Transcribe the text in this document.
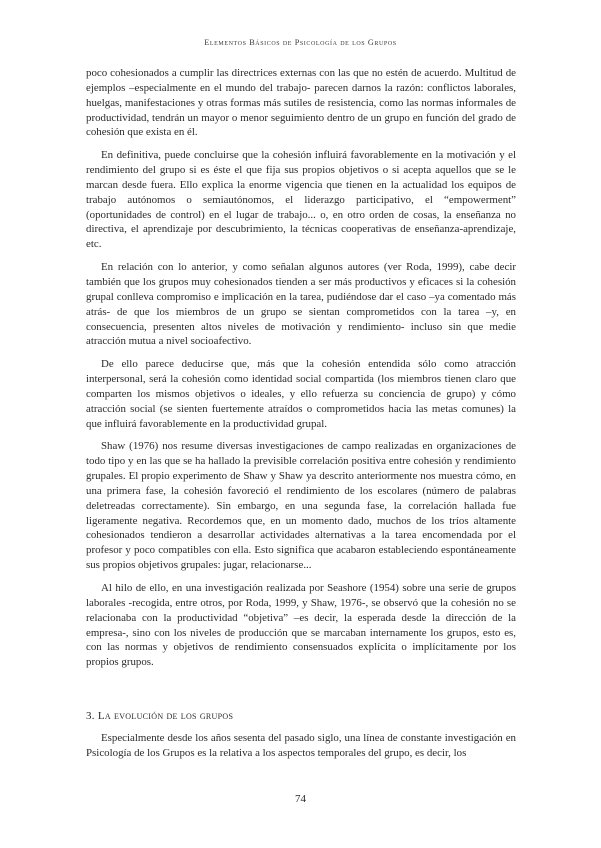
Elementos Básicos de Psicología de los Grupos

poco cohesionados a cumplir las directrices externas con las que no estén de acuerdo. Multitud de ejemplos –especialmente en el mundo del trabajo- parecen darnos la razón: conflictos laborales, huelgas, manifestaciones y otras formas más sutiles de resistencia, como las normas informales de productividad, tendrán un mayor o menor seguimiento dentro de un grupo en función del grado de cohesión que exista en él.

En definitiva, puede concluirse que la cohesión influirá favorablemente en la motivación y el rendimiento del grupo si es éste el que fija sus propios objetivos o si acepta aquellos que se le marcan desde fuera. Ello explica la enorme vigencia que tienen en la actualidad los equipos de trabajo autónomos o semiautónomos, el liderazgo participativo, el “empowerment” (oportunidades de control) en el lugar de trabajo... o, en otro orden de cosas, la enseñanza no directiva, el aprendizaje por descubrimiento, la técnicas cooperativas de enseñanza-aprendizaje, etc.

En relación con lo anterior, y como señalan algunos autores (ver Roda, 1999), cabe decir también que los grupos muy cohesionados tienden a ser más productivos y eficaces si la cohesión grupal conlleva compromiso e implicación en la tarea, pudiéndose dar el caso –ya comentado más atrás- de que los miembros de un grupo se sientan comprometidos con la tarea –y, en consecuencia, presenten altos niveles de motivación y rendimiento- incluso sin que medie atracción mutua a nivel socioafectivo.

De ello parece deducirse que, más que la cohesión entendida sólo como atracción interpersonal, será la cohesión como identidad social compartida (los miembros tienen claro que comparten los mismos objetivos o ideales, y ello refuerza su conciencia de grupo) y cómo atracción social (se sienten fuertemente atraídos o comprometidos hacia las metas comunes) la que influirá favorablemente en la productividad grupal.

Shaw (1976) nos resume diversas investigaciones de campo realizadas en organizaciones de todo tipo y en las que se ha hallado la previsible correlación positiva entre cohesión y rendimiento grupales. El propio experimento de Shaw y Shaw ya descrito anteriormente nos muestra cómo, en una primera fase, la cohesión favoreció el rendimiento de los escolares (número de palabras deletreadas correctamente). Sin embargo, en una segunda fase, la correlación hallada fue ligeramente negativa. Recordemos que, en un momento dado, muchos de los tríos altamente cohesionados tendieron a desarrollar actividades alternativas a la tarea encomendada por el profesor y poco compatibles con ella. Esto significa que acabaron estableciendo espontáneamente sus propios objetivos grupales: jugar, relacionarse...

Al hilo de ello, en una investigación realizada por Seashore (1954) sobre una serie de grupos laborales -recogida, entre otros, por Roda, 1999, y Shaw, 1976-, se observó que la cohesión no se relacionaba con la productividad “objetiva” –es decir, la esperada desde la dirección de la empresa-, sino con los niveles de producción que se marcaban internamente los grupos, esto es, con las normas y objetivos de rendimiento consensuados explícita o implícitamente por los propios grupos.

3. La evolución de los grupos

Especialmente desde los años sesenta del pasado siglo, una línea de constante investigación en Psicología de los Grupos es la relativa a los aspectos temporales del grupo, es decir, los

74
